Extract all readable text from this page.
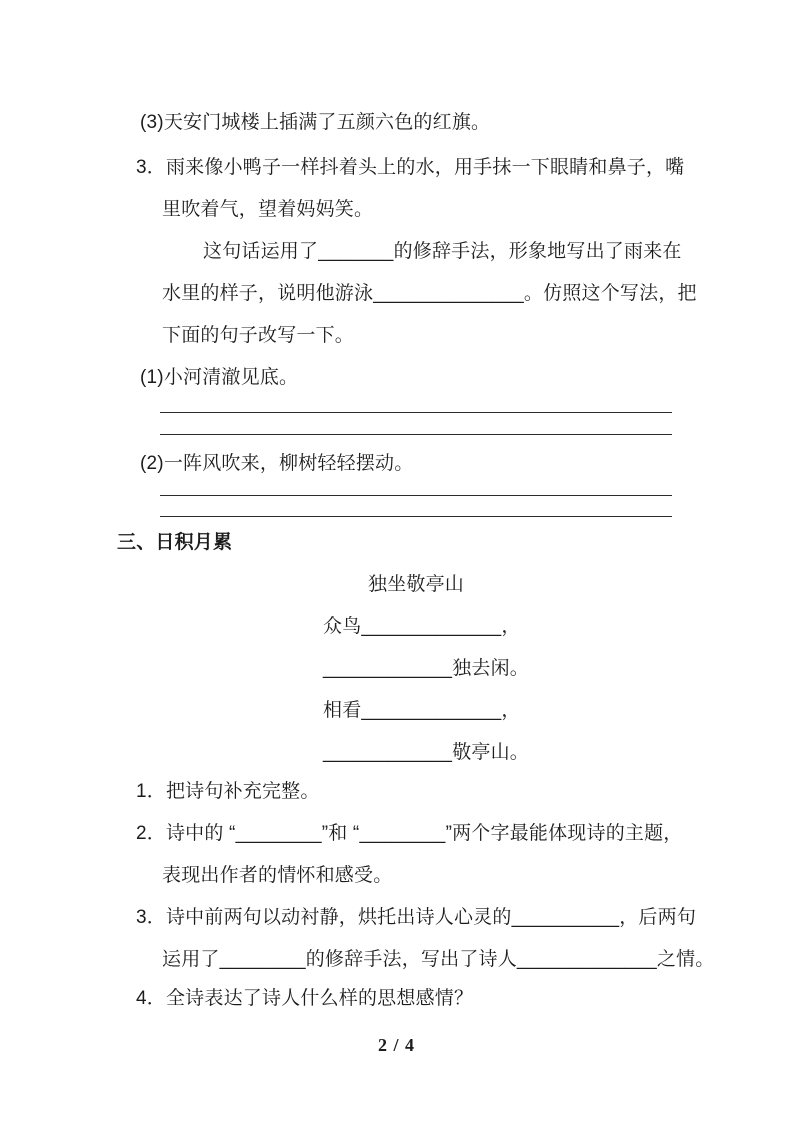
(3)天安门城楼上插满了五颜六色的红旗。
3．雨来像小鸭子一样抖着头上的水，用手抹一下眼睛和鼻子，嘴
里吹着气，望着妈妈笑。
这句话运用了_______的修辞手法，形象地写出了雨来在
水里的样子，说明他游泳______________。仿照这个写法，把
下面的句子改写一下。
(1)小河清澈见底。
(2)一阵风吹来，柳树轻轻摆动。
三、日积月累
独坐敬亭山
众鸟_____________，
____________独去闲。
相看_____________，
____________敬亭山。
1．把诗句补充完整。
2．诗中的 “________”和 “________”两个字最能体现诗的主题，
表现出作者的情怀和感受。
3．诗中前两句以动衬静，烘托出诗人心灵的__________，后两句
运用了________的修辞手法，写出了诗人_____________之情。
4．全诗表达了诗人什么样的思想感情？
2 / 4
